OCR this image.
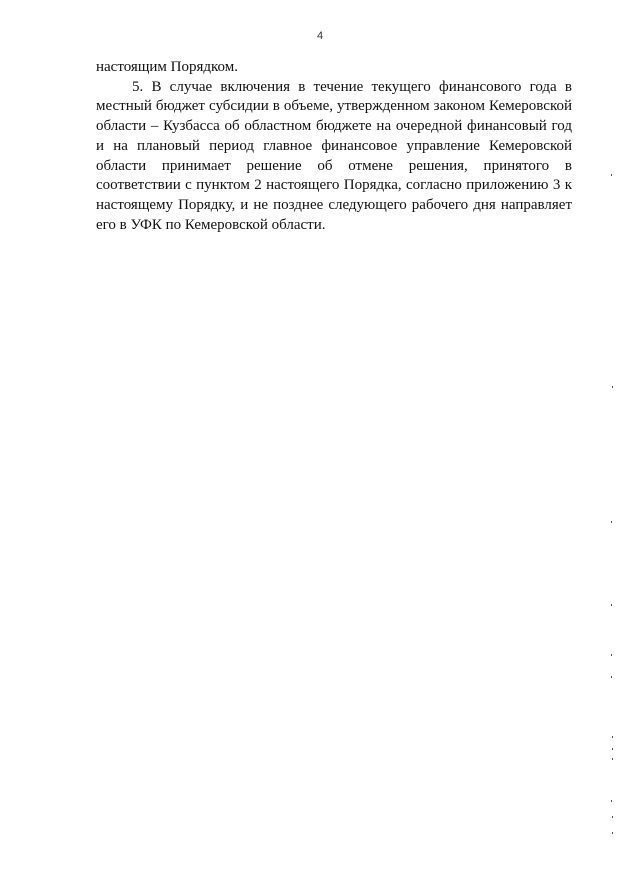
4

настоящим Порядком.

5. В случае включения в течение текущего финансового года в местный бюджет субсидии в объеме, утвержденном законом Кемеровской области – Кузбасса об областном бюджете на очередной финансовый год и на плановый период главное финансовое управление Кемеровской области принимает решение об отмене решения, принятого в соответствии с пунктом 2 настоящего Порядка, согласно приложению 3 к настоящему Порядку, и не позднее следующего рабочего дня направляет его в УФК по Кемеровской области.
